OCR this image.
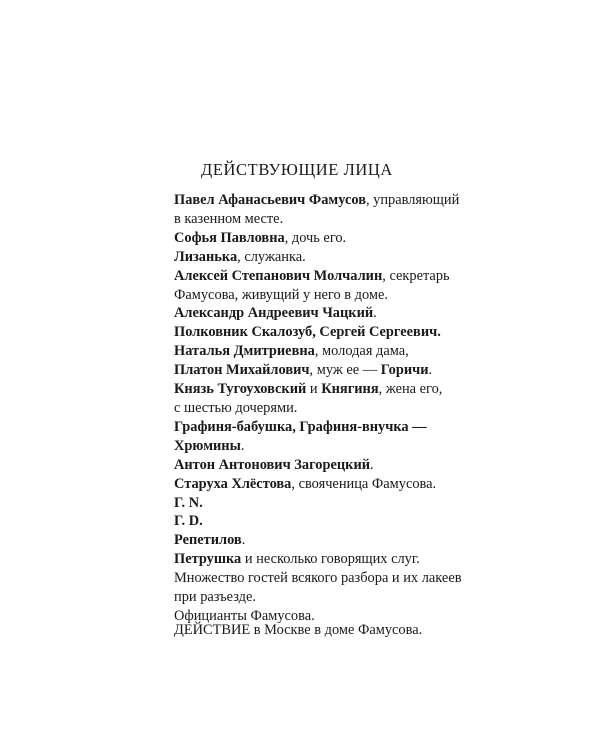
ДЕЙСТВУЮЩИЕ ЛИЦА
Павел Афанасьевич Фамусов, управляющий
в казенном месте.
Софья Павловна, дочь его.
Лизанька, служанка.
Алексей Степанович Молчалин, секретарь
Фамусова, живущий у него в доме.
Александр Андреевич Чацкий.
Полковник Скалозуб, Сергей Сергеевич.
Наталья Дмитриевна, молодая дама,
Платон Михайлович, муж ее — Горичи.
Князь Тугоуховский и Княгиня, жена его,
с шестью дочерями.
Графиня-бабушка, Графиня-внучка —
Хрюмины.
Антон Антонович Загорецкий.
Старуха Хлёстова, свояченица Фамусова.
Г. N.
Г. D.
Репетилов.
Петрушка и несколько говорящих слуг.
Множество гостей всякого разбора и их лакеев
при разъезде.
Официанты Фамусова.

ДЕЙСТВИЕ в Москве в доме Фамусова.
